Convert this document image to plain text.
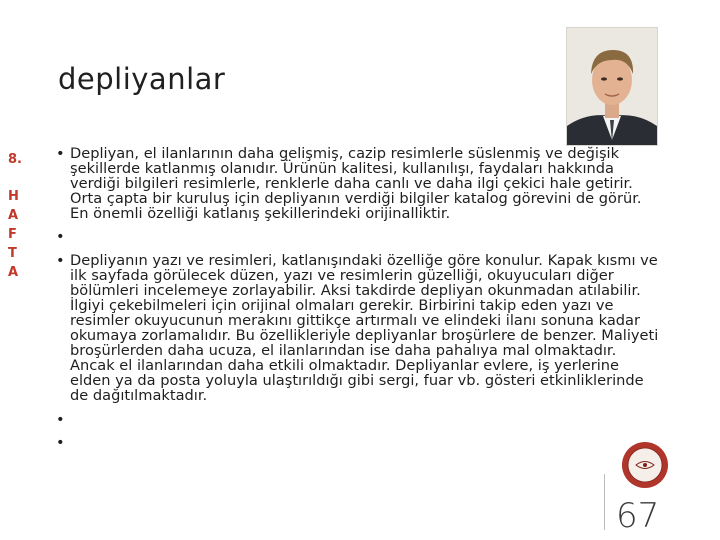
depliyanlar
8.
H
A
F
T
A

• Depliyan, el ilanlarının daha gelişmiş, cazip resimlerle süslenmiş ve değişik şekillerde katlanmış olanıdır. Ürünün kalitesi, kullanılışı, faydaları hakkında verdiği bilgileri resimlerle, renklerle daha canlı ve daha ilgi çekici hale getirir. Orta çapta bir kuruluş için depliyanın verdiği bilgiler katalog görevini de görür. En önemli özelliği katlanış şekillerindeki orijinalliktir.

•

• Depliyanın yazı ve resimleri, katlanışındaki özelliğe göre konulur. Kapak kısmı ve ilk sayfada görülecek düzen, yazı ve resimlerin güzelliği, okuyucuları diğer bölümleri incelemeye zorlayabilir. Aksi takdirde depliyan okunmadan atılabilir. İlgiyi çekebilmeleri için orijinal olmaları gerekir. Birbirini takip eden yazı ve resimler okuyucunun merakını gittikçe artırmalı ve elindeki ilanı sonuna kadar okumaya zorlamalıdır. Bu özellikleriyle depliyanlar broşürlere de benzer. Maliyeti broşürlerden daha ucuza, el ilanlarından ise daha pahalıya mal olmaktadır. Ancak el ilanlarından daha etkili olmaktadır. Depliyanlar evlere, iş yerlerine elden ya da posta yoluyla ulaştırıldığı gibi sergi, fuar vb. gösteri etkinliklerinde de dağıtılmaktadır.

•

•

67
